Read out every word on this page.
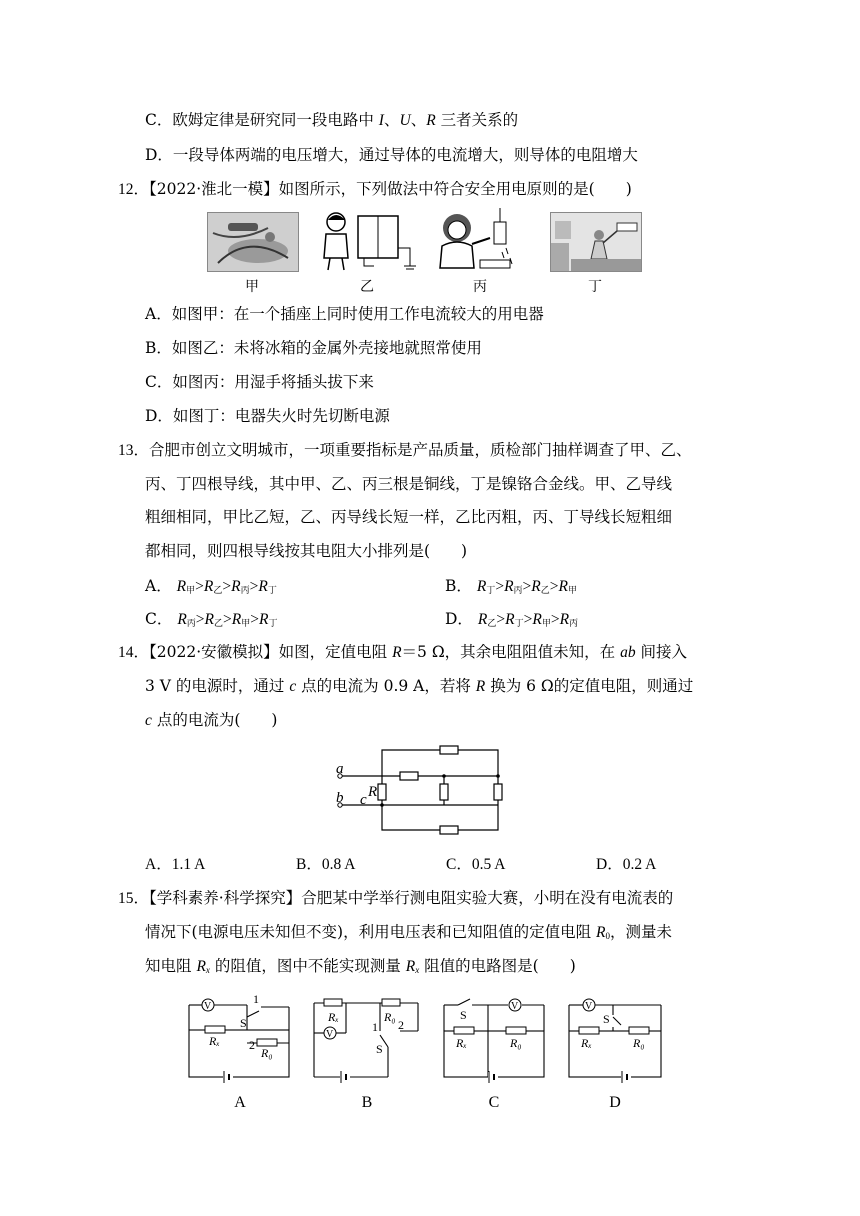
C．欧姆定律是研究同一段电路中 I、U、R 三者关系的
D．一段导体两端的电压增大，通过导体的电流增大，则导体的电阻增大
12．【2022·淮北一模】如图所示，下列做法中符合安全用电原则的是(　　)
甲	乙	丙	丁
A．如图甲：在一个插座上同时使用工作电流较大的用电器
B．如图乙：未将冰箱的金属外壳接地就照常使用
C．如图丙：用湿手将插头拔下来
D．如图丁：电器失火时先切断电源
13．合肥市创立文明城市，一项重要指标是产品质量，质检部门抽样调查了甲、乙、
丙、丁四根导线，其中甲、乙、丙三根是铜线，丁是镍铬合金线。甲、乙导线
粗细相同，甲比乙短，乙、丙导线长短一样，乙比丙粗，丙、丁导线长短粗细
都相同，则四根导线按其电阻大小排列是(　　)
A． $R_甲>R_乙>R_丙>R_丁$	B． $R_丁>R_丙>R_乙>R_甲$
C． $R_丙>R_乙>R_甲>R_丁$	D． $R_乙>R_丁>R_甲>R_丙$
14．【2022·安徽模拟】如图，定值电阻 R＝5 Ω，其余电阻阻值未知，在 ab 间接入
3 V 的电源时，通过 c 点的电流为 0.9 A，若将 R 换为 6 Ω的定值电阻，则通过
c 点的电流为(　　)
a
b c R
A．1.1 A	B．0.8 A	C．0.5 A	D．0.2 A
15．【学科素养·科学探究】合肥某中学举行测电阻实验大赛，小明在没有电流表的
情况下(电源电压未知但不变)，利用电压表和已知阻值的定值电阻 $R_0$，测量未
知电阻 $R_x$ 的阻值，图中不能实现测量 $R_x$ 阻值的电路图是(　　)
V
S
1
2
Rₓ
R₀
V
Rₓ	R₀
1 2
S
V
S
Rₓ	R₀
V
S
Rₓ	R₀
A	B	C	D
